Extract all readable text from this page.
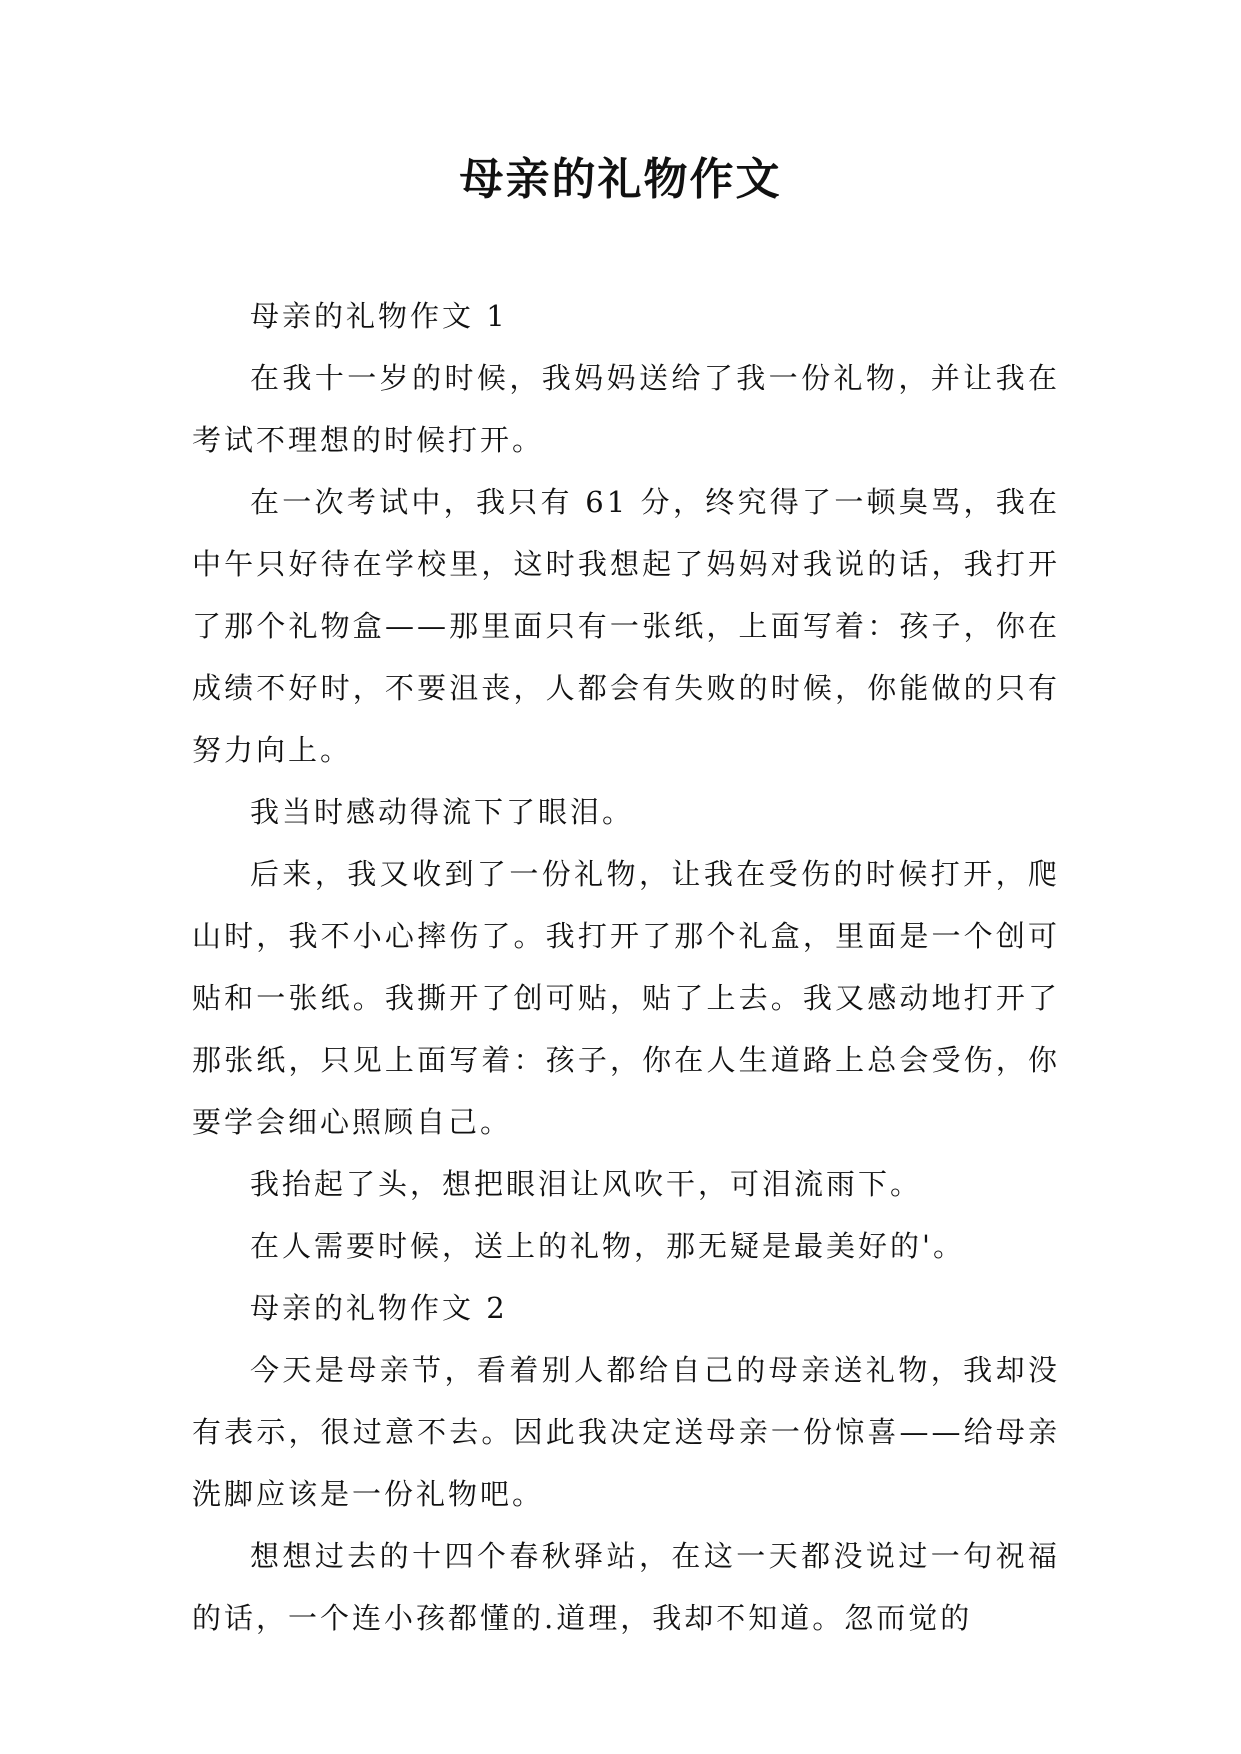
母亲的礼物作文

母亲的礼物作文 1

在我十一岁的时候，我妈妈送给了我一份礼物，并让我在考试不理想的时候打开。

在一次考试中，我只有 61 分，终究得了一顿臭骂，我在中午只好待在学校里，这时我想起了妈妈对我说的话，我打开了那个礼物盒——那里面只有一张纸，上面写着：孩子，你在成绩不好时，不要沮丧，人都会有失败的时候，你能做的只有努力向上。

我当时感动得流下了眼泪。

后来，我又收到了一份礼物，让我在受伤的时候打开，爬山时，我不小心摔伤了。我打开了那个礼盒，里面是一个创可贴和一张纸。我撕开了创可贴，贴了上去。我又感动地打开了那张纸，只见上面写着：孩子，你在人生道路上总会受伤，你要学会细心照顾自己。

我抬起了头，想把眼泪让风吹干，可泪流雨下。

在人需要时候，送上的礼物，那无疑是最美好的'。

母亲的礼物作文 2

今天是母亲节，看着别人都给自己的母亲送礼物，我却没有表示，很过意不去。因此我决定送母亲一份惊喜——给母亲洗脚应该是一份礼物吧。

想想过去的十四个春秋驿站，在这一天都没说过一句祝福的话，一个连小孩都懂的.道理，我却不知道。忽而觉的
